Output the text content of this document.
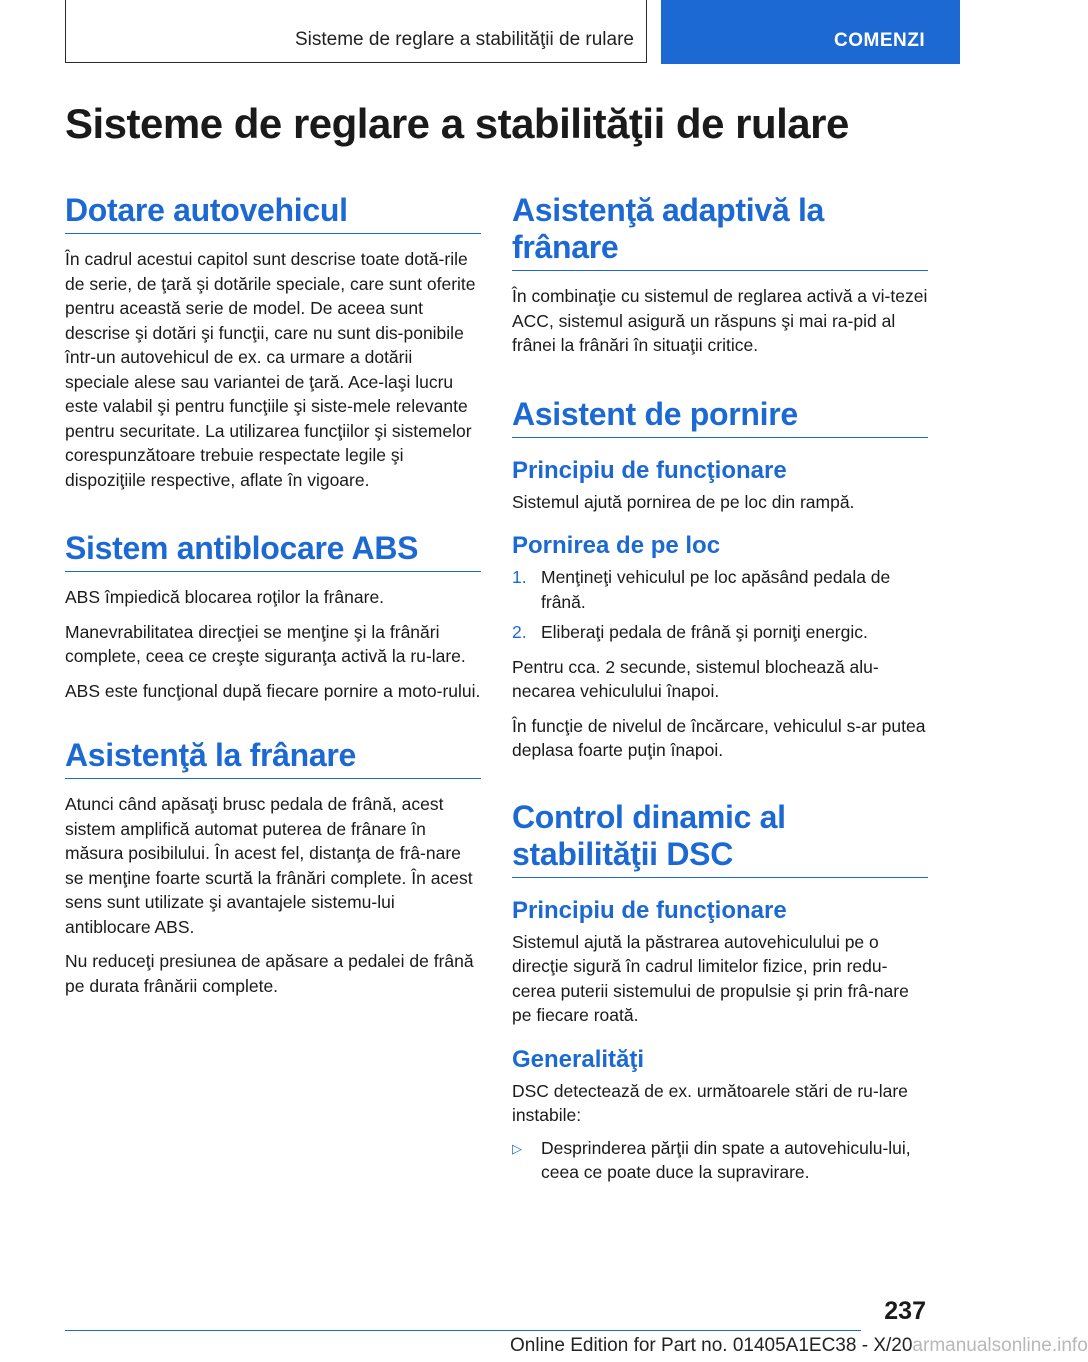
Sisteme de reglare a stabilităţii de rulare	COMENZI
Sisteme de reglare a stabilităţii de rulare
Dotare autovehicul

În cadrul acestui capitol sunt descrise toate dotă‐rile de serie, de ţară şi dotările speciale, care sunt oferite pentru această serie de model. De aceea sunt descrise şi dotări şi funcţii, care nu sunt dis‐ponibile într-un autovehicul de ex. ca urmare a dotării speciale alese sau variantei de ţară. Ace‐laşi lucru este valabil şi pentru funcţiile şi siste‐mele relevante pentru securitate. La utilizarea funcţiilor şi sistemelor corespunzătoare trebuie respectate legile şi dispoziţiile respective, aflate în vigoare.

Sistem antiblocare ABS

ABS împiedică blocarea roţilor la frânare.

Manevrabilitatea direcţiei se menţine şi la frânări complete, ceea ce creşte siguranţa activă la ru‐lare.

ABS este funcţional după fiecare pornire a moto‐rului.

Asistenţă la frânare

Atunci când apăsaţi brusc pedala de frână, acest sistem amplifică automat puterea de frânare în măsura posibilului. În acest fel, distanţa de frâ‐nare se menţine foarte scurtă la frânări complete. În acest sens sunt utilizate şi avantajele sistemu‐lui antiblocare ABS.

Nu reduceţi presiunea de apăsare a pedalei de frână pe durata frânării complete.

Asistenţă adaptivă la frânare

În combinaţie cu sistemul de reglarea activă a vi‐tezei ACC, sistemul asigură un răspuns şi mai ra‐pid al frânei la frânări în situaţii critice.

Asistent de pornire
Principiu de funcţionare

Sistemul ajută pornirea de pe loc din rampă.

Pornirea de pe loc
1. Menţineţi vehiculul pe loc apăsând pedala de frână.
2. Eliberaţi pedala de frână şi porniţi energic.

Pentru cca. 2 secunde, sistemul blochează alu‐necarea vehiculului înapoi.

În funcţie de nivelul de încărcare, vehiculul s-ar putea deplasa foarte puţin înapoi.

Control dinamic al stabilităţii DSC
Principiu de funcţionare

Sistemul ajută la păstrarea autovehiculului pe o direcţie sigură în cadrul limitelor fizice, prin redu‐cerea puterii sistemului de propulsie şi prin frâ‐nare pe fiecare roată.

Generalităţi

DSC detectează de ex. următoarele stări de ru‐lare instabile:

▷ Desprinderea părţii din spate a autovehiculu‐lui, ceea ce poate duce la supravirare.
237
Online Edition for Part no. 01405A1EC38 - X/20armanualsonline.info
